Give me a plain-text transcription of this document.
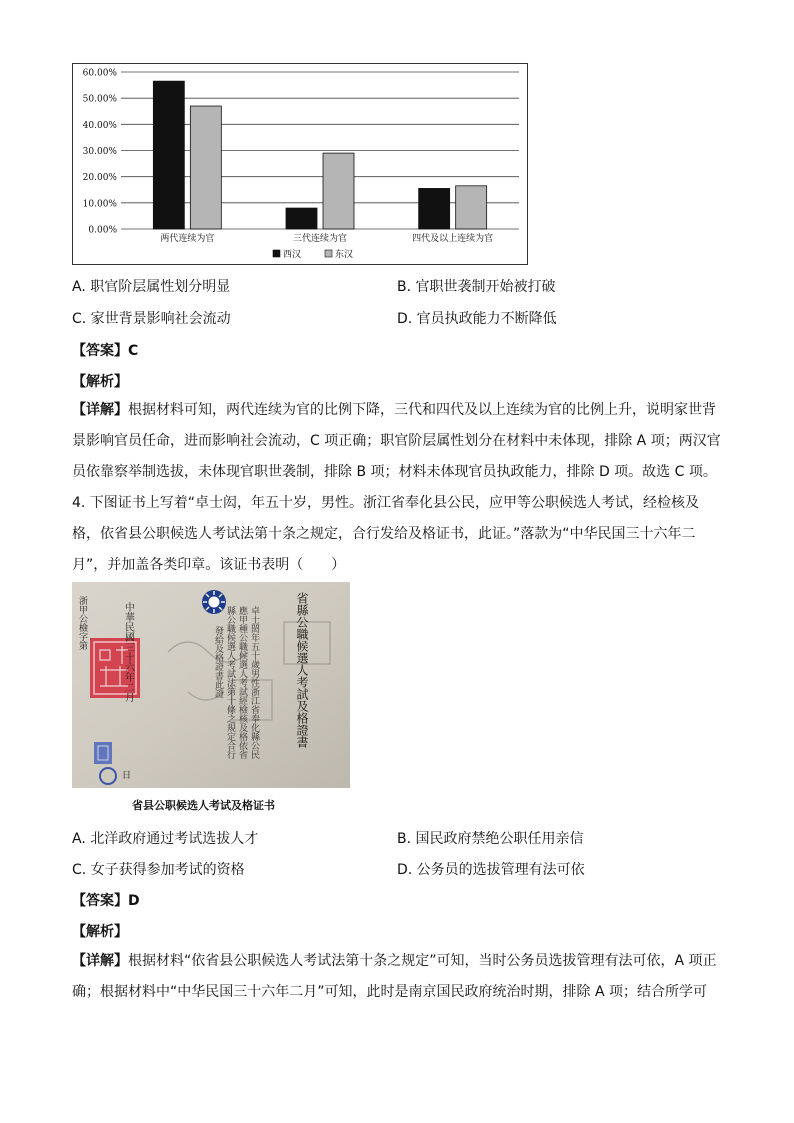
0.00%
10.00%
20.00%
30.00%
40.00%
50.00%
60.00%
两代连续为官	三代连续为官	四代及以上连续为官
西汉	东汉
A. 职官阶层属性划分明显	B. 官职世袭制开始被打破
C. 家世背景影响社会流动	D. 官员执政能力不断降低
【答案】C
【解析】
【详解】根据材料可知，两代连续为官的比例下降，三代和四代及以上连续为官的比例上升，说明家世背景影响官员任命，进而影响社会流动，C 项正确；职官阶层属性划分在材料中未体现，排除 A 项；两汉官员依靠察举制选拔，未体现官职世袭制，排除 B 项；材料未体现官员执政能力，排除 D 项。故选 C 项。
4. 下图证书上写着“卓士闳，年五十岁，男性。浙江省奉化县公民，应甲等公职候选人考试，经检核及格，依省县公职候选人考试法第十条之规定，合行发给及格证书，此证。”落款为“中华民国三十六年二月”，并加盖各类印章。该证书表明（　　）
浙甲公檢字第	省縣公職候選人考試及格證書
中華民國三十六年二月	卓士閎年五十歲男性浙江省奉化縣公民
應甲種公職候選人考試經檢核及格依省
縣公職候選人考試法第十條之規定合行
發給及格證書此證
日
省县公职候选人考试及格证书
A. 北洋政府通过考试选拔人才	B. 国民政府禁绝公职任用亲信
C. 女子获得参加考试的资格	D. 公务员的选拔管理有法可依
【答案】D
【解析】
【详解】根据材料“依省县公职候选人考试法第十条之规定”可知，当时公务员选拔管理有法可依，A 项正确；根据材料中“中华民国三十六年二月”可知，此时是南京国民政府统治时期，排除 A 项；结合所学可
